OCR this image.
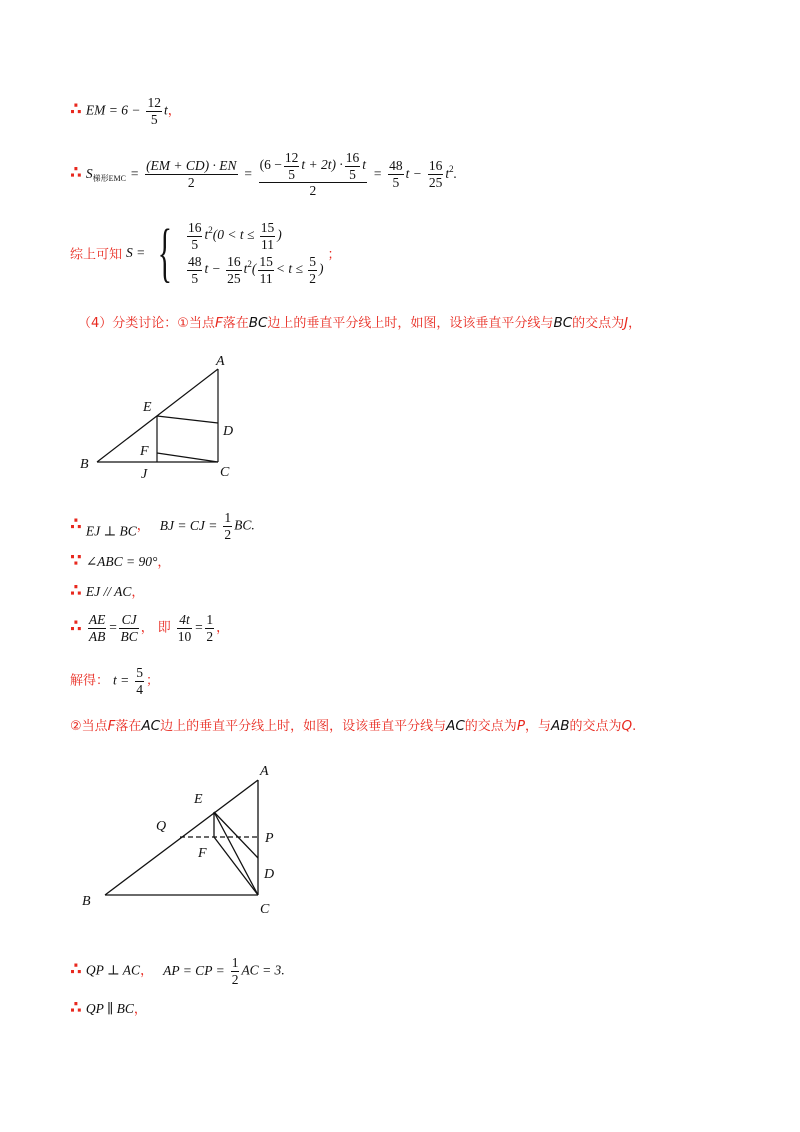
∴ EM = $6 - \frac{12}{5}$ t，
∴ $S_{梯形EMC} = \frac{(EM + CD) \cdot EN}{2} = \frac{(6 - \frac{12}{5} t + 2t) \cdot \frac{16}{5} t}{2} = \frac{48}{5}$ $t - \frac{16}{25} t^2$.
综上可知 S = { $\frac{16}{5} t^2(0 < t \le \frac{15}{11}$ )
$\frac{48}{5}$ $t - \frac{16}{25} t^2( \frac{15}{11} < t \le \frac{5}{2}$ )
；
（4）分类讨论：①当点F落在BC边上的垂直平分线上时，如图，设该垂直平分线与BC的交点为J，
A
E
D
F
B
J	C
∴ $_{EJ \perp BC}$， BJ = CJ = $\frac{1}{2}$ BC.
∵ ∠ABC = 90°，
∴ EJ // AC，
∴ $\frac{AE}{AB} = \frac{CJ}{BC}$ ， 即 $\frac{4t}{10} = \frac{1}{2}$ ，
解得： $t = \frac{5}{4}$ ；
②当点F落在AC边上的垂直平分线上时，如图，设该垂直平分线与AC的交点为P，与AB的交点为Q.
A
E
Q
P
F
D
B
C
∴ QP ⊥ AC， AP = CP = $\frac{1}{2}$ AC = 3.
∴ QP ∥ BC，
